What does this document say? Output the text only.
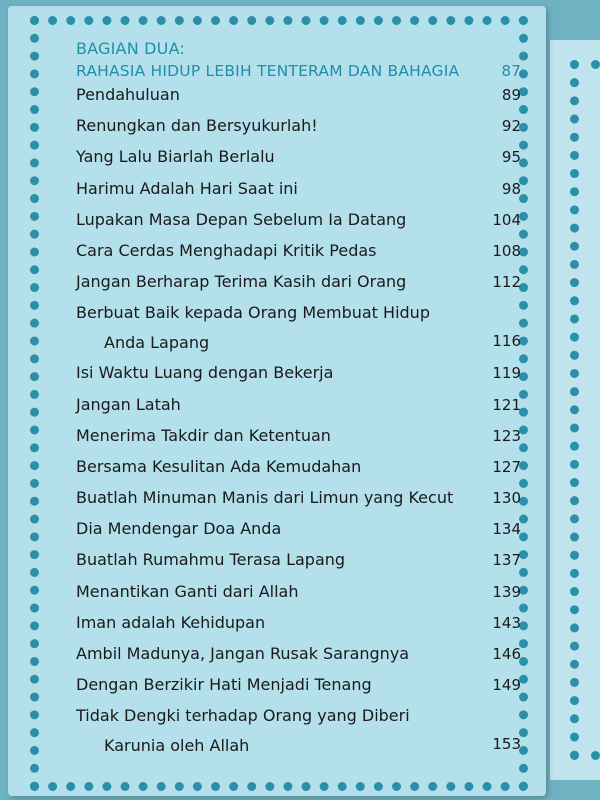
BAGIAN DUA:

RAHASIA HIDUP LEBIH TENTERAM DAN BAHAGIA	87
Pendahuluan	89
Renungkan dan Bersyukurlah!	92
Yang Lalu Biarlah Berlalu	95
Harimu Adalah Hari Saat ini	98
Lupakan Masa Depan Sebelum Ia Datang	104
Cara Cerdas Menghadapi Kritik Pedas	108
Jangan Berharap Terima Kasih dari Orang	112
Berbuat Baik kepada Orang Membuat Hidup
Anda Lapang	116
Isi Waktu Luang dengan Bekerja	119
Jangan Latah	121
Menerima Takdir dan Ketentuan	123
Bersama Kesulitan Ada Kemudahan	127
Buatlah Minuman Manis dari Limun yang Kecut	130
Dia Mendengar Doa Anda	134
Buatlah Rumahmu Terasa Lapang	137
Menantikan Ganti dari Allah	139
Iman adalah Kehidupan	143
Ambil Madunya, Jangan Rusak Sarangnya	146
Dengan Berzikir Hati Menjadi Tenang	149
Tidak Dengki terhadap Orang yang Diberi
Karunia oleh Allah	153
